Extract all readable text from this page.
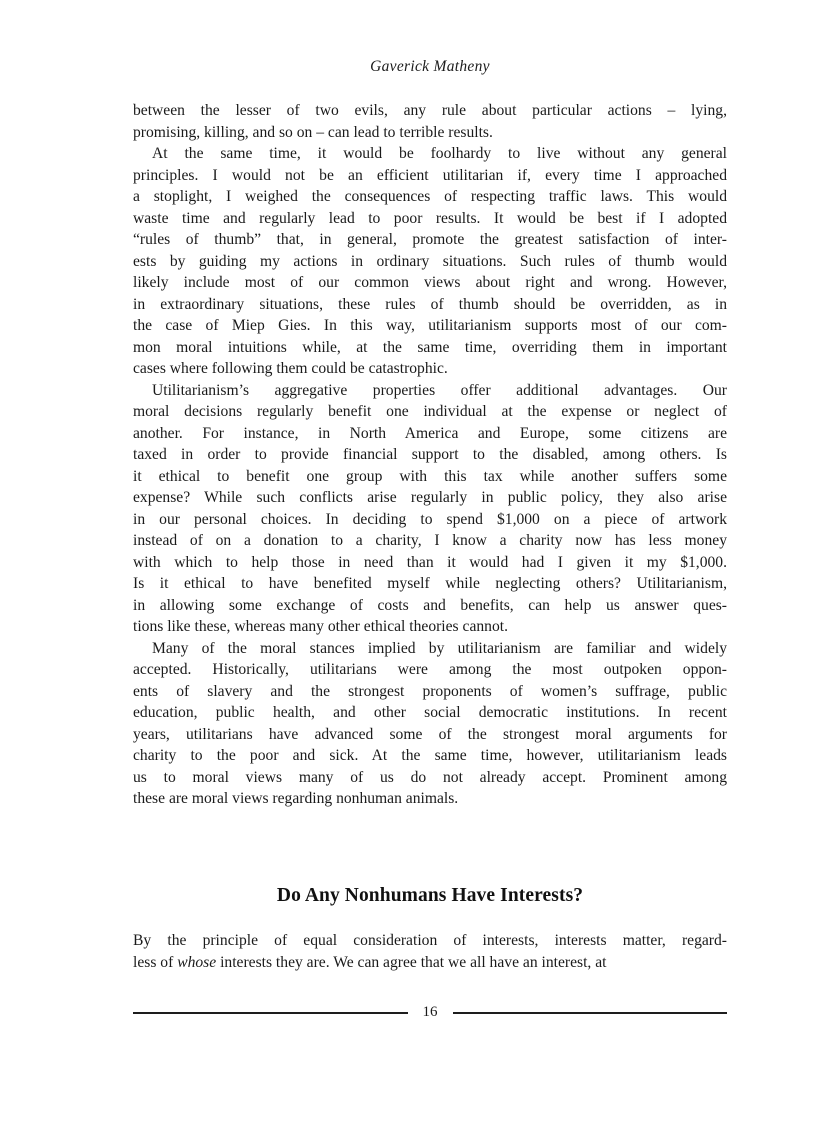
Gaverick Matheny

between the lesser of two evils, any rule about particular actions – lying,
promising, killing, and so on – can lead to terrible results.

At the same time, it would be foolhardy to live without any general
principles. I would not be an efficient utilitarian if, every time I approached
a stoplight, I weighed the consequences of respecting traffic laws. This would
waste time and regularly lead to poor results. It would be best if I adopted
“rules of thumb” that, in general, promote the greatest satisfaction of inter-
ests by guiding my actions in ordinary situations. Such rules of thumb would
likely include most of our common views about right and wrong. However,
in extraordinary situations, these rules of thumb should be overridden, as in
the case of Miep Gies. In this way, utilitarianism supports most of our com-
mon moral intuitions while, at the same time, overriding them in important
cases where following them could be catastrophic.

Utilitarianism’s aggregative properties offer additional advantages. Our
moral decisions regularly benefit one individual at the expense or neglect of
another. For instance, in North America and Europe, some citizens are
taxed in order to provide financial support to the disabled, among others. Is
it ethical to benefit one group with this tax while another suffers some
expense? While such conflicts arise regularly in public policy, they also arise
in our personal choices. In deciding to spend $1,000 on a piece of artwork
instead of on a donation to a charity, I know a charity now has less money
with which to help those in need than it would had I given it my $1,000.
Is it ethical to have benefited myself while neglecting others? Utilitarianism,
in allowing some exchange of costs and benefits, can help us answer ques-
tions like these, whereas many other ethical theories cannot.

Many of the moral stances implied by utilitarianism are familiar and widely
accepted. Historically, utilitarians were among the most outpoken oppon-
ents of slavery and the strongest proponents of women’s suffrage, public
education, public health, and other social democratic institutions. In recent
years, utilitarians have advanced some of the strongest moral arguments for
charity to the poor and sick. At the same time, however, utilitarianism leads
us to moral views many of us do not already accept. Prominent among
these are moral views regarding nonhuman animals.

Do Any Nonhumans Have Interests?

By the principle of equal consideration of interests, interests matter, regard-
less of whose interests they are. We can agree that we all have an interest, at

16
